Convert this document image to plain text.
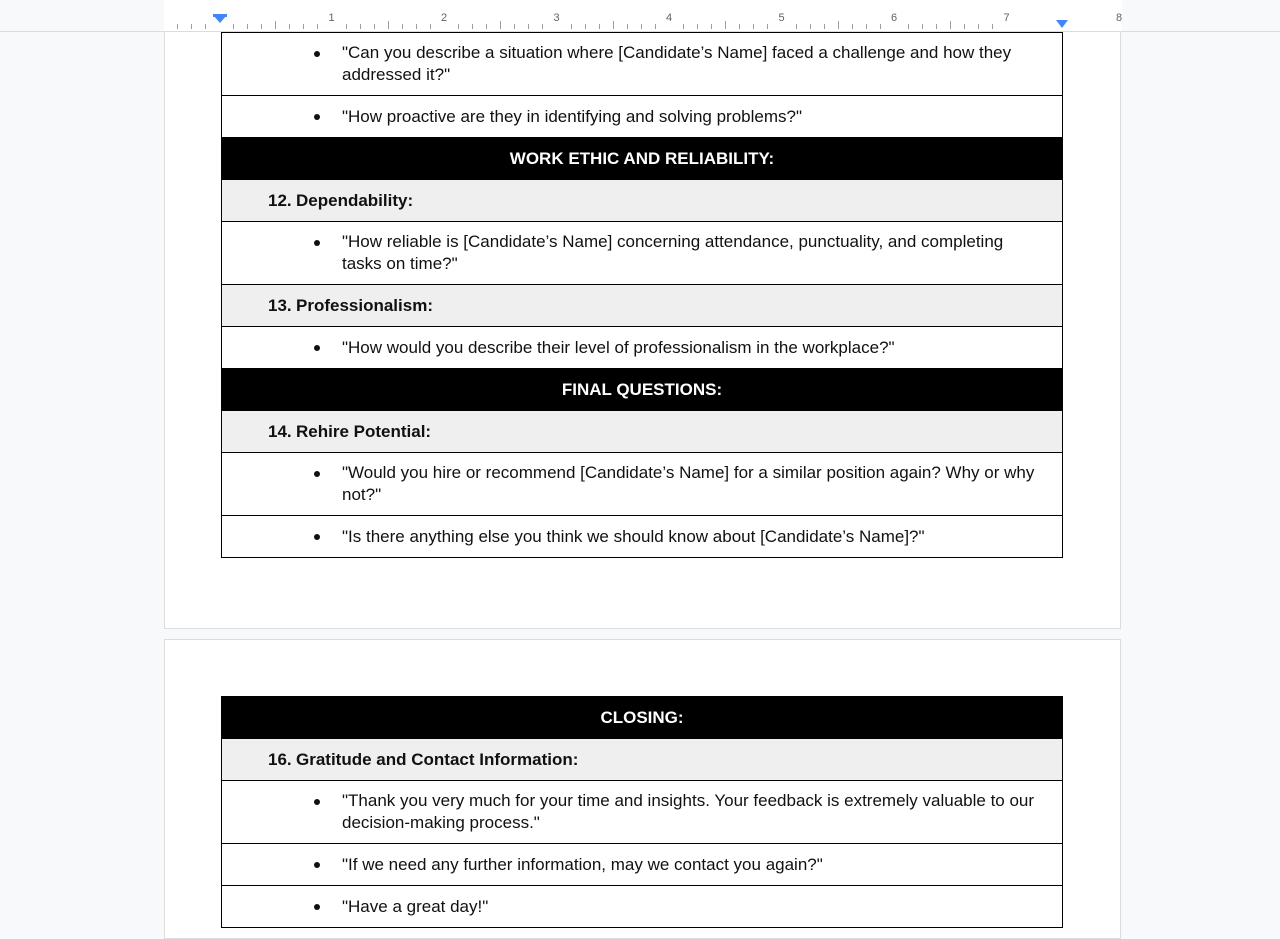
1	2	3	4	5	6	7	8
"Can you describe a situation where [Candidate’s Name] faced a challenge and how they addressed it?"

"How proactive are they in identifying and solving problems?"

WORK ETHIC AND RELIABILITY:
12. Dependability:

"How reliable is [Candidate’s Name] concerning attendance, punctuality, and completing tasks on time?"

13. Professionalism:

"How would you describe their level of professionalism in the workplace?"

FINAL QUESTIONS:
14. Rehire Potential:

"Would you hire or recommend [Candidate’s Name] for a similar position again? Why or why not?"

"Is there anything else you think we should know about [Candidate’s Name]?"
CLOSING:
16. Gratitude and Contact Information:

"Thank you very much for your time and insights. Your feedback is extremely valuable to our decision-making process."

"If we need any further information, may we contact you again?"

"Have a great day!"
